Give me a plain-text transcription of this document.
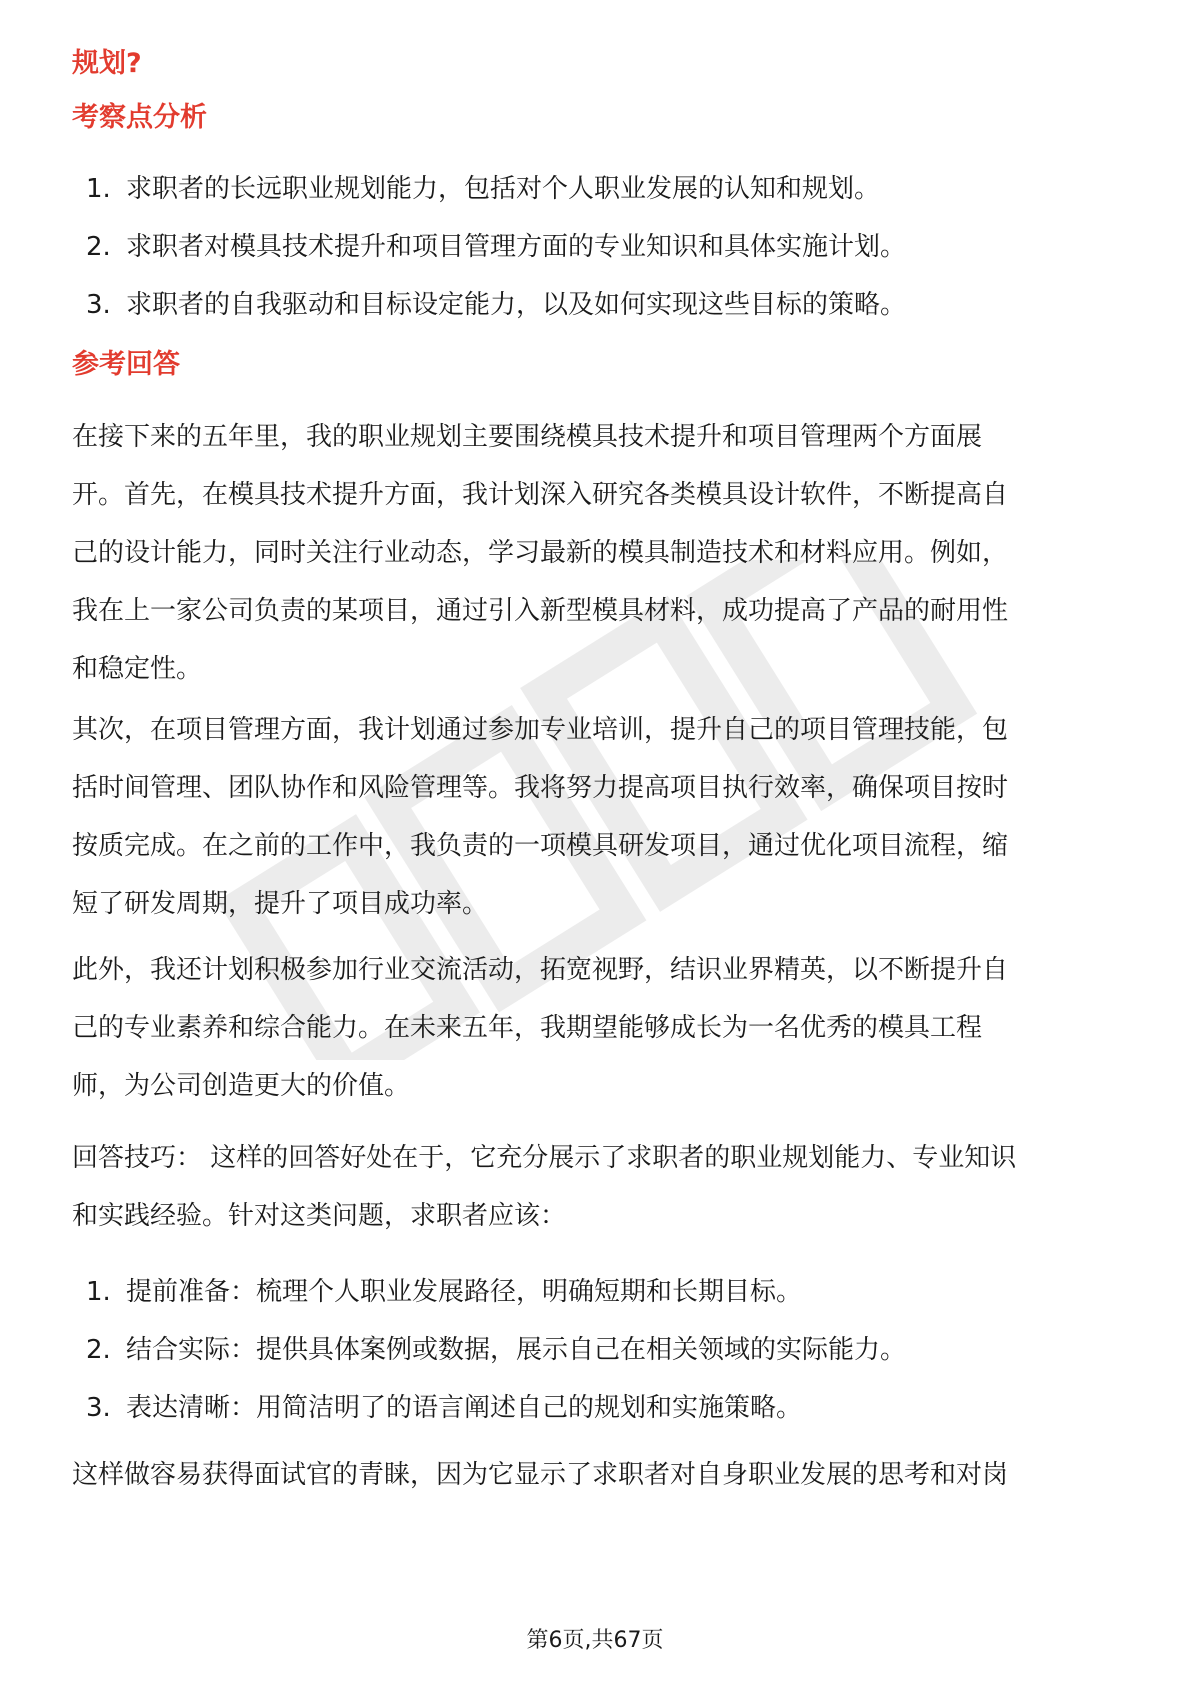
规划?
考察点分析
1. 求职者的长远职业规划能力，包括对个人职业发展的认知和规划。
2. 求职者对模具技术提升和项目管理方面的专业知识和具体实施计划。
3. 求职者的自我驱动和目标设定能力，以及如何实现这些目标的策略。
参考回答

在接下来的五年里，我的职业规划主要围绕模具技术提升和项目管理两个方面展
开。首先，在模具技术提升方面，我计划深入研究各类模具设计软件，不断提高自
己的设计能力，同时关注行业动态，学习最新的模具制造技术和材料应用。例如，
我在上一家公司负责的某项目，通过引入新型模具材料，成功提高了产品的耐用性
和稳定性。

其次，在项目管理方面，我计划通过参加专业培训，提升自己的项目管理技能，包
括时间管理、团队协作和风险管理等。我将努力提高项目执行效率，确保项目按时
按质完成。在之前的工作中，我负责的一项模具研发项目，通过优化项目流程，缩
短了研发周期，提升了项目成功率。

此外，我还计划积极参加行业交流活动，拓宽视野，结识业界精英，以不断提升自
己的专业素养和综合能力。在未来五年，我期望能够成长为一名优秀的模具工程
师，为公司创造更大的价值。

回答技巧： 这样的回答好处在于，它充分展示了求职者的职业规划能力、专业知识
和实践经验。针对这类问题，求职者应该：

1. 提前准备：梳理个人职业发展路径，明确短期和长期目标。
2. 结合实际：提供具体案例或数据，展示自己在相关领域的实际能力。
3. 表达清晰：用简洁明了的语言阐述自己的规划和实施策略。

这样做容易获得面试官的青睐，因为它显示了求职者对自身职业发展的思考和对岗

第6页,共67页
